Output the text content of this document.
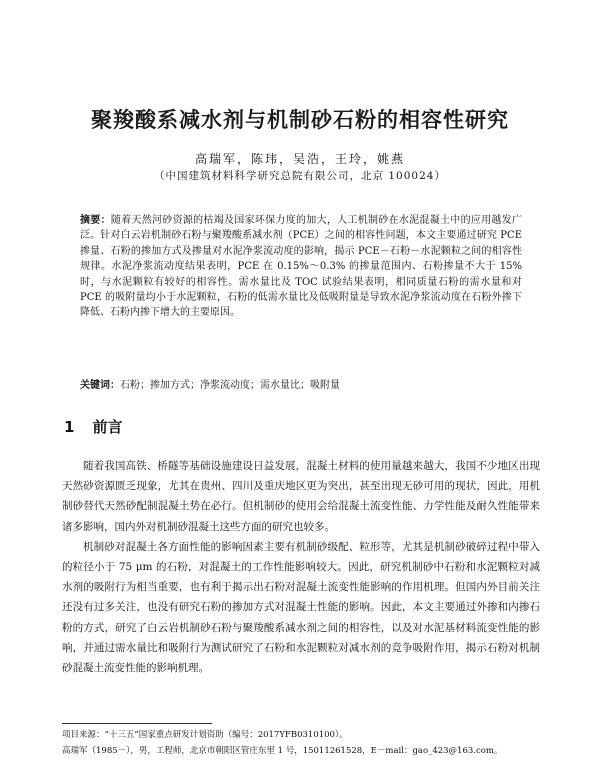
聚羧酸系减水剂与机制砂石粉的相容性研究
高瑞军，陈玮，吴浩，王玲，姚燕
（中国建筑材料科学研究总院有限公司，北京 100024）
摘要：随着天然河砂资源的枯竭及国家环保力度的加大，人工机制砂在水泥混凝土中的应用越发广泛。针对白云岩机制砂石粉与聚羧酸系减水剂（PCE）之间的相容性问题，本文主要通过研究 PCE 掺量、石粉的掺加方式及掺量对水泥净浆流动度的影响，揭示 PCE－石粉－水泥颗粒之间的相容性规律。水泥净浆流动度结果表明，PCE 在 0.15%～0.3% 的掺量范围内、石粉掺量不大于 15% 时，与水泥颗粒有较好的相容性。需水量比及 TOC 试验结果表明，相同质量石粉的需水量和对 PCE 的吸附量均小于水泥颗粒，石粉的低需水量比及低吸附量是导致水泥净浆流动度在石粉外掺下降低、石粉内掺下增大的主要原因。
关键词：石粉；掺加方式；净浆流动度；需水量比；吸附量
1 前言

随着我国高铁、桥隧等基础设施建设日益发展，混凝土材料的使用量越来越大，我国不少地区出现天然砂资源匮乏现象，尤其在贵州、四川及重庆地区更为突出，甚至出现无砂可用的现状，因此，用机制砂替代天然砂配制混凝土势在必行。但机制砂的使用会给混凝土流变性能、力学性能及耐久性能带来诸多影响，国内外对机制砂混凝土这些方面的研究也较多。

机制砂对混凝土各方面性能的影响因素主要有机制砂级配、粒形等，尤其是机制砂破碎过程中带入的粒径小于 75 μm 的石粉，对混凝土的工作性能影响较大。因此，研究机制砂中石粉和水泥颗粒对减水剂的吸附行为相当重要，也有利于揭示出石粉对混凝土流变性能影响的作用机理。但国内外目前关注还没有过多关注，也没有研究石粉的掺加方式对混凝土性能的影响。因此，本文主要通过外掺和内掺石粉的方式，研究了白云岩机制砂石粉与聚羧酸系减水剂之间的相容性，以及对水泥基材料流变性能的影响，并通过需水量比和吸附行为测试研究了石粉和水泥颗粒对减水剂的竞争吸附作用，揭示石粉对机制砂混凝土流变性能的影响机理。

项目来源：“十三五”国家重点研发计划资助（编号：2017YFB0310100）。
高瑞军（1985－），男，工程师，北京市朝阳区管庄东里 1 号，15011261528，E－mail：gao_423@163.com。
